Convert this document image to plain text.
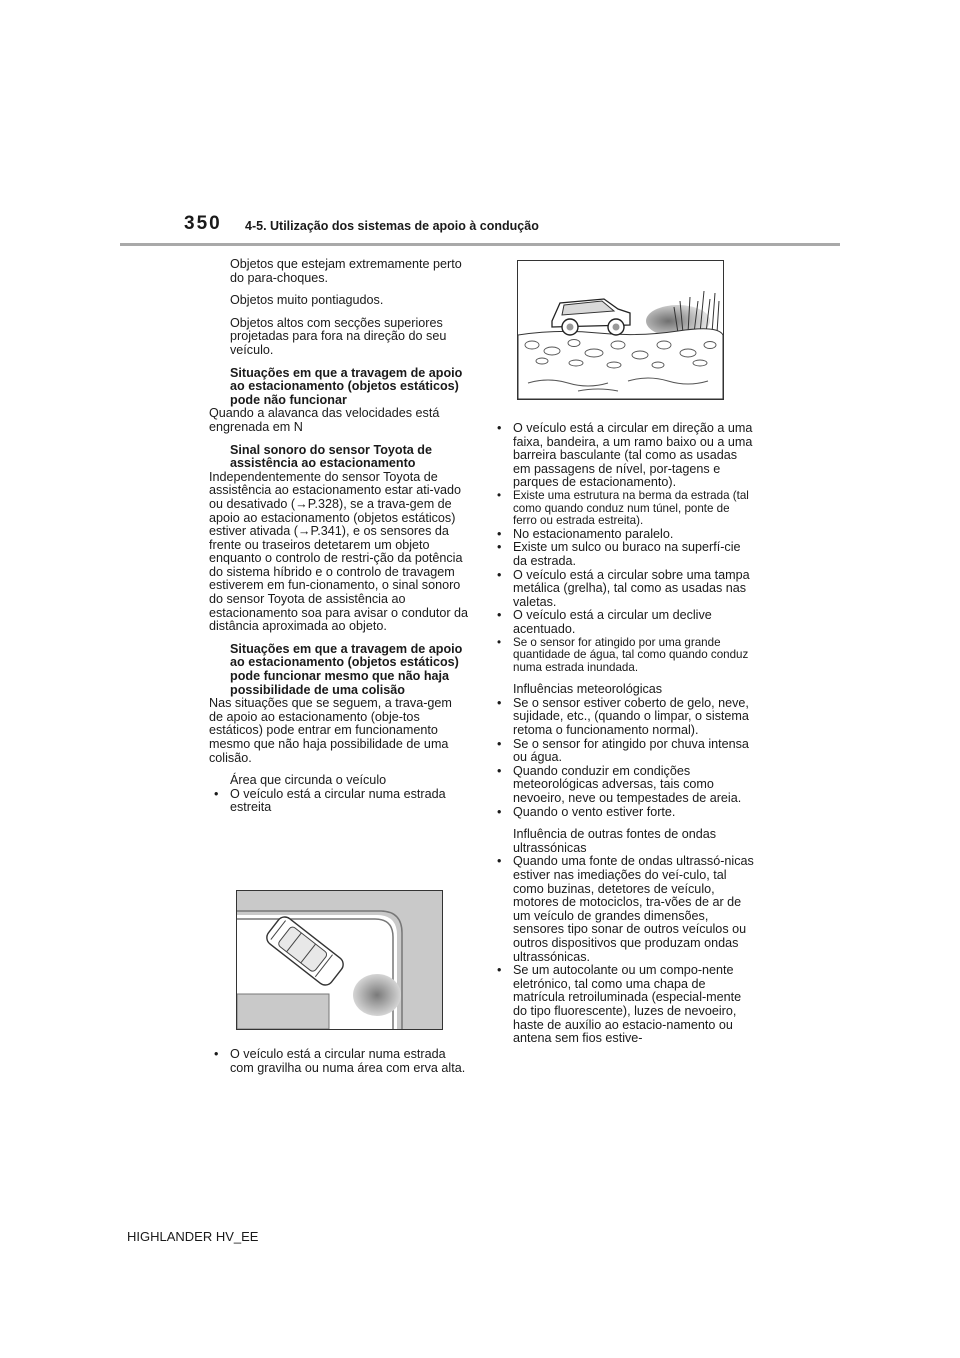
350 4-5. Utilização dos sistemas de apoio à condução

Objetos que estejam extremamente perto do para-choques.

Objetos muito pontiagudos.

Objetos altos com secções superiores projetadas para fora na direção do seu veículo.

Situações em que a travagem de apoio ao estacionamento (objetos estáticos) pode não funcionar

Quando a alavanca das velocidades está engrenada em N

Sinal sonoro do sensor Toyota de assistência ao estacionamento

Independentemente do sensor Toyota de assistência ao estacionamento estar ati-vado ou desativado (→P.328), se a trava-gem de apoio ao estacionamento (objetos estáticos) estiver ativada (→P.341), e os sensores da frente ou traseiros detetarem um objeto enquanto o controlo de restri-ção da potência do sistema híbrido e o controlo de travagem estiverem em fun-cionamento, o sinal sonoro do sensor Toyota de assistência ao estacionamento soa para avisar o condutor da distância aproximada ao objeto.

Situações em que a travagem de apoio ao estacionamento (objetos estáticos) pode funcionar mesmo que não haja possibilidade de uma colisão

Nas situações que se seguem, a trava-gem de apoio ao estacionamento (obje-tos estáticos) pode entrar em funcionamento mesmo que não haja possibilidade de uma colisão.

Área que circunda o veículo

• O veículo está a circular numa estrada estreita

• O veículo está a circular numa estrada com gravilha ou numa área com erva alta.

• O veículo está a circular em direção a uma faixa, bandeira, a um ramo baixo ou a uma barreira basculante (tal como as usadas em passagens de nível, por-tagens e parques de estacionamento).

• Existe uma estrutura na berma da estrada (tal como quando conduz num túnel, ponte de ferro ou estrada estreita).

• No estacionamento paralelo.

• Existe um sulco ou buraco na superfí-cie da estrada.

• O veículo está a circular sobre uma tampa metálica (grelha), tal como as usadas nas valetas.

• O veículo está a circular um declive acentuado.

• Se o sensor for atingido por uma grande quantidade de água, tal como quando conduz numa estrada inundada.

Influências meteorológicas

• Se o sensor estiver coberto de gelo, neve, sujidade, etc., (quando o limpar, o sistema retoma o funcionamento normal).

• Se o sensor for atingido por chuva intensa ou água.

• Quando conduzir em condições meteorológicas adversas, tais como nevoeiro, neve ou tempestades de areia.

• Quando o vento estiver forte.

Influência de outras fontes de ondas ultrassónicas

• Quando uma fonte de ondas ultrassó-nicas estiver nas imediações do veí-culo, tal como buzinas, detetores de veículo, motores de motociclos, tra-vões de ar de um veículo de grandes dimensões, sensores tipo sonar de outros veículos ou outros dispositivos que produzam ondas ultrassónicas.

• Se um autocolante ou um compo-nente eletrónico, tal como uma chapa de matrícula retroiluminada (especial-mente do tipo fluorescente), luzes de nevoeiro, haste de auxílio ao estacio-namento ou antena sem fios estive-

HIGHLANDER HV_EE
